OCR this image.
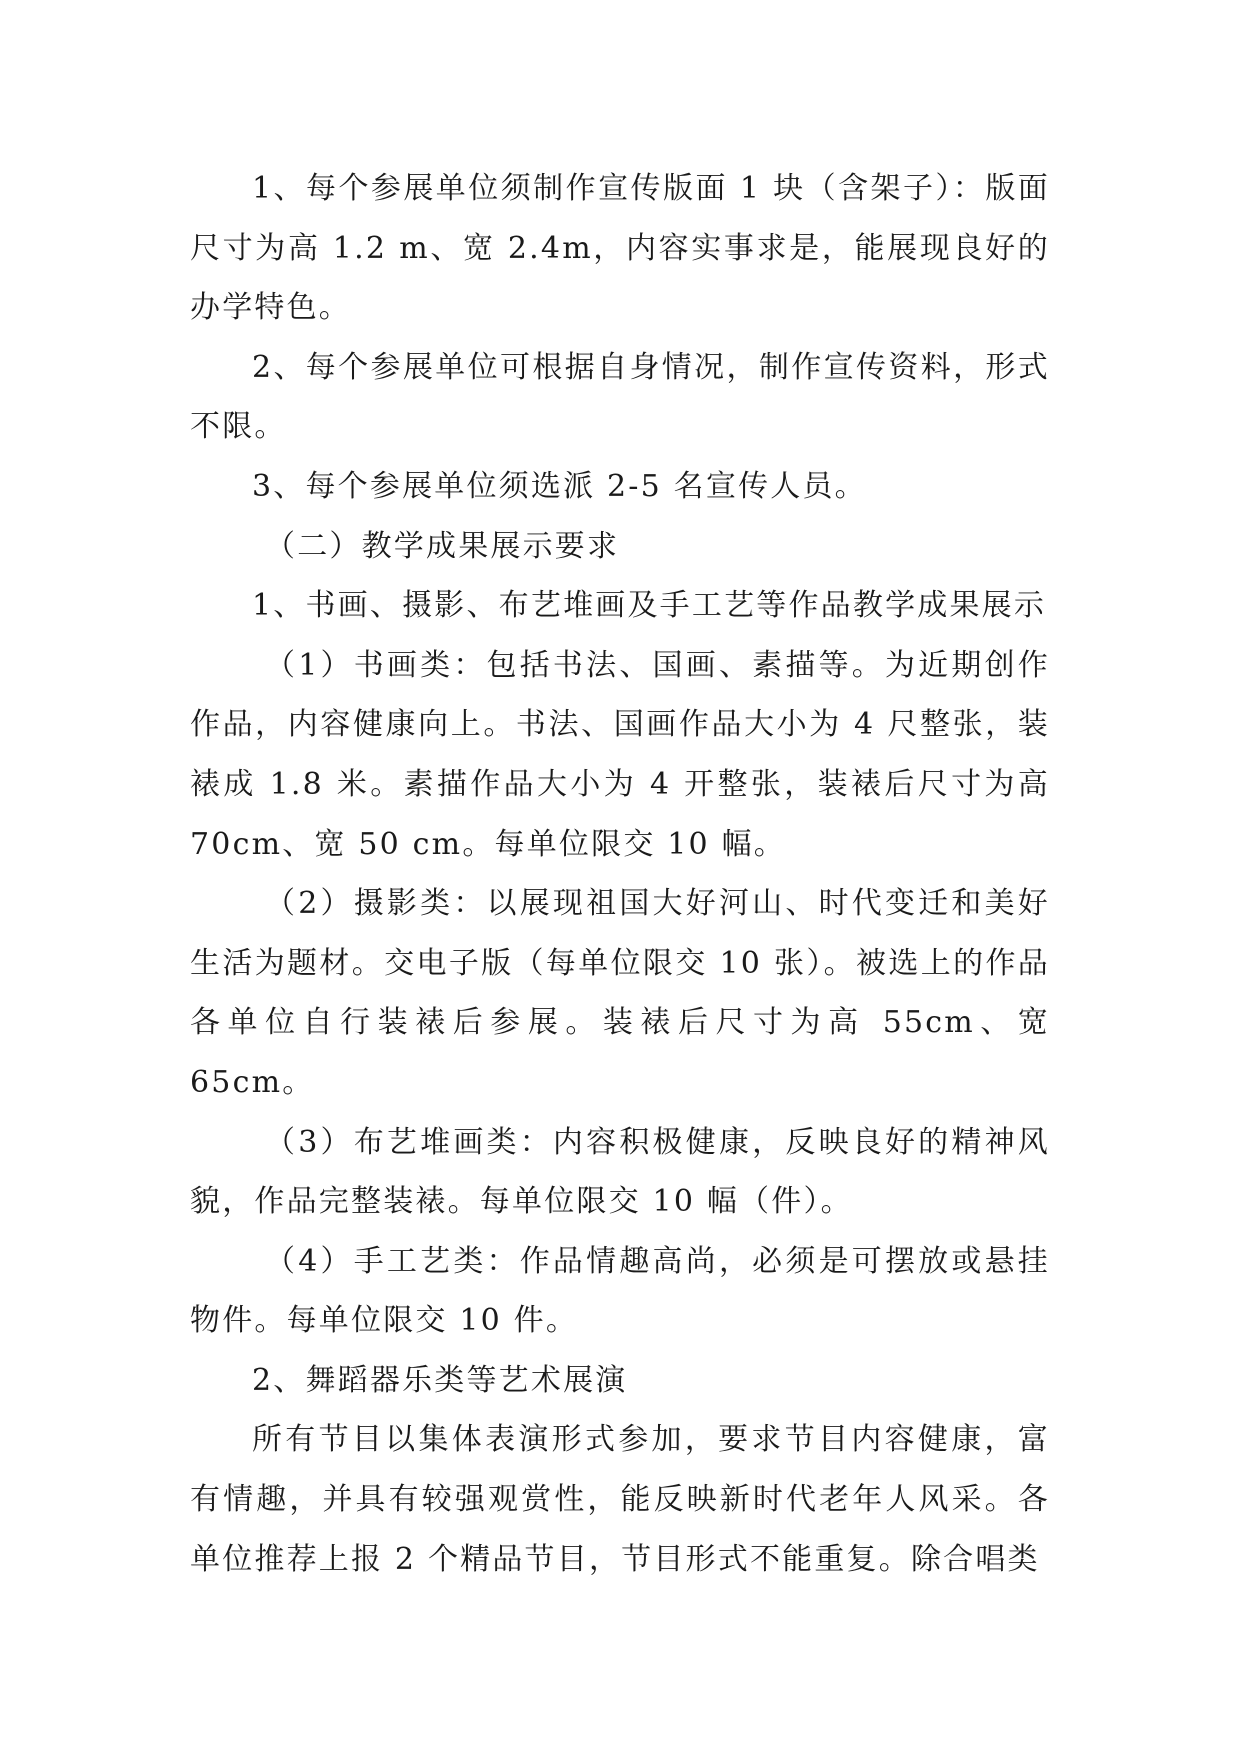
1、每个参展单位须制作宣传版面 1 块（含架子）：版面尺寸为高 1.2 m、宽 2.4m，内容实事求是，能展现良好的办学特色。

2、每个参展单位可根据自身情况，制作宣传资料，形式不限。

3、每个参展单位须选派 2-5 名宣传人员。

（二）教学成果展示要求

1、书画、摄影、布艺堆画及手工艺等作品教学成果展示

（1）书画类：包括书法、国画、素描等。为近期创作作品，内容健康向上。书法、国画作品大小为 4 尺整张，装裱成 1.8 米。素描作品大小为 4 开整张，装裱后尺寸为高 70cm、宽 50 cm。每单位限交 10 幅。

（2）摄影类：以展现祖国大好河山、时代变迁和美好生活为题材。交电子版（每单位限交 10 张）。被选上的作品各单位自行装裱后参展。装裱后尺寸为高 55cm、宽 65cm。

（3）布艺堆画类：内容积极健康，反映良好的精神风貌，作品完整装裱。每单位限交 10 幅（件）。

（4）手工艺类：作品情趣高尚，必须是可摆放或悬挂物件。每单位限交 10 件。

2、舞蹈器乐类等艺术展演

所有节目以集体表演形式参加，要求节目内容健康，富有情趣，并具有较强观赏性，能反映新时代老年人风采。各单位推荐上报 2 个精品节目，节目形式不能重复。除合唱类
